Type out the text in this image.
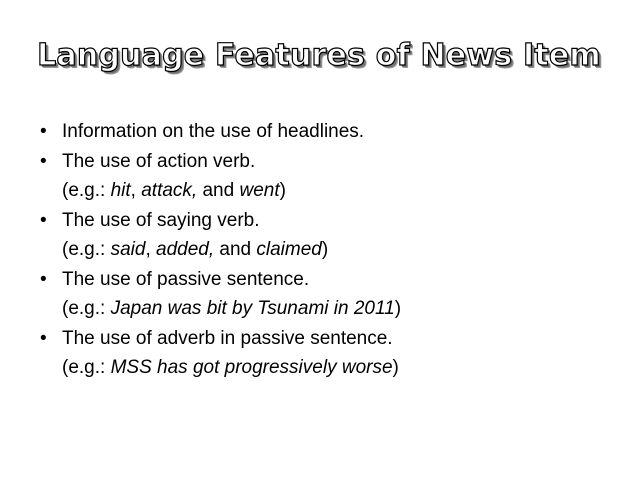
Language Features of News Item
• Information on the use of headlines.
• The use of action verb.
(e.g.: hit, attack, and went)
• The use of saying verb.
(e.g.: said, added, and claimed)
• The use of passive sentence.
(e.g.: Japan was bit by Tsunami in 2011)
• The use of adverb in passive sentence.
(e.g.: MSS has got progressively worse)
